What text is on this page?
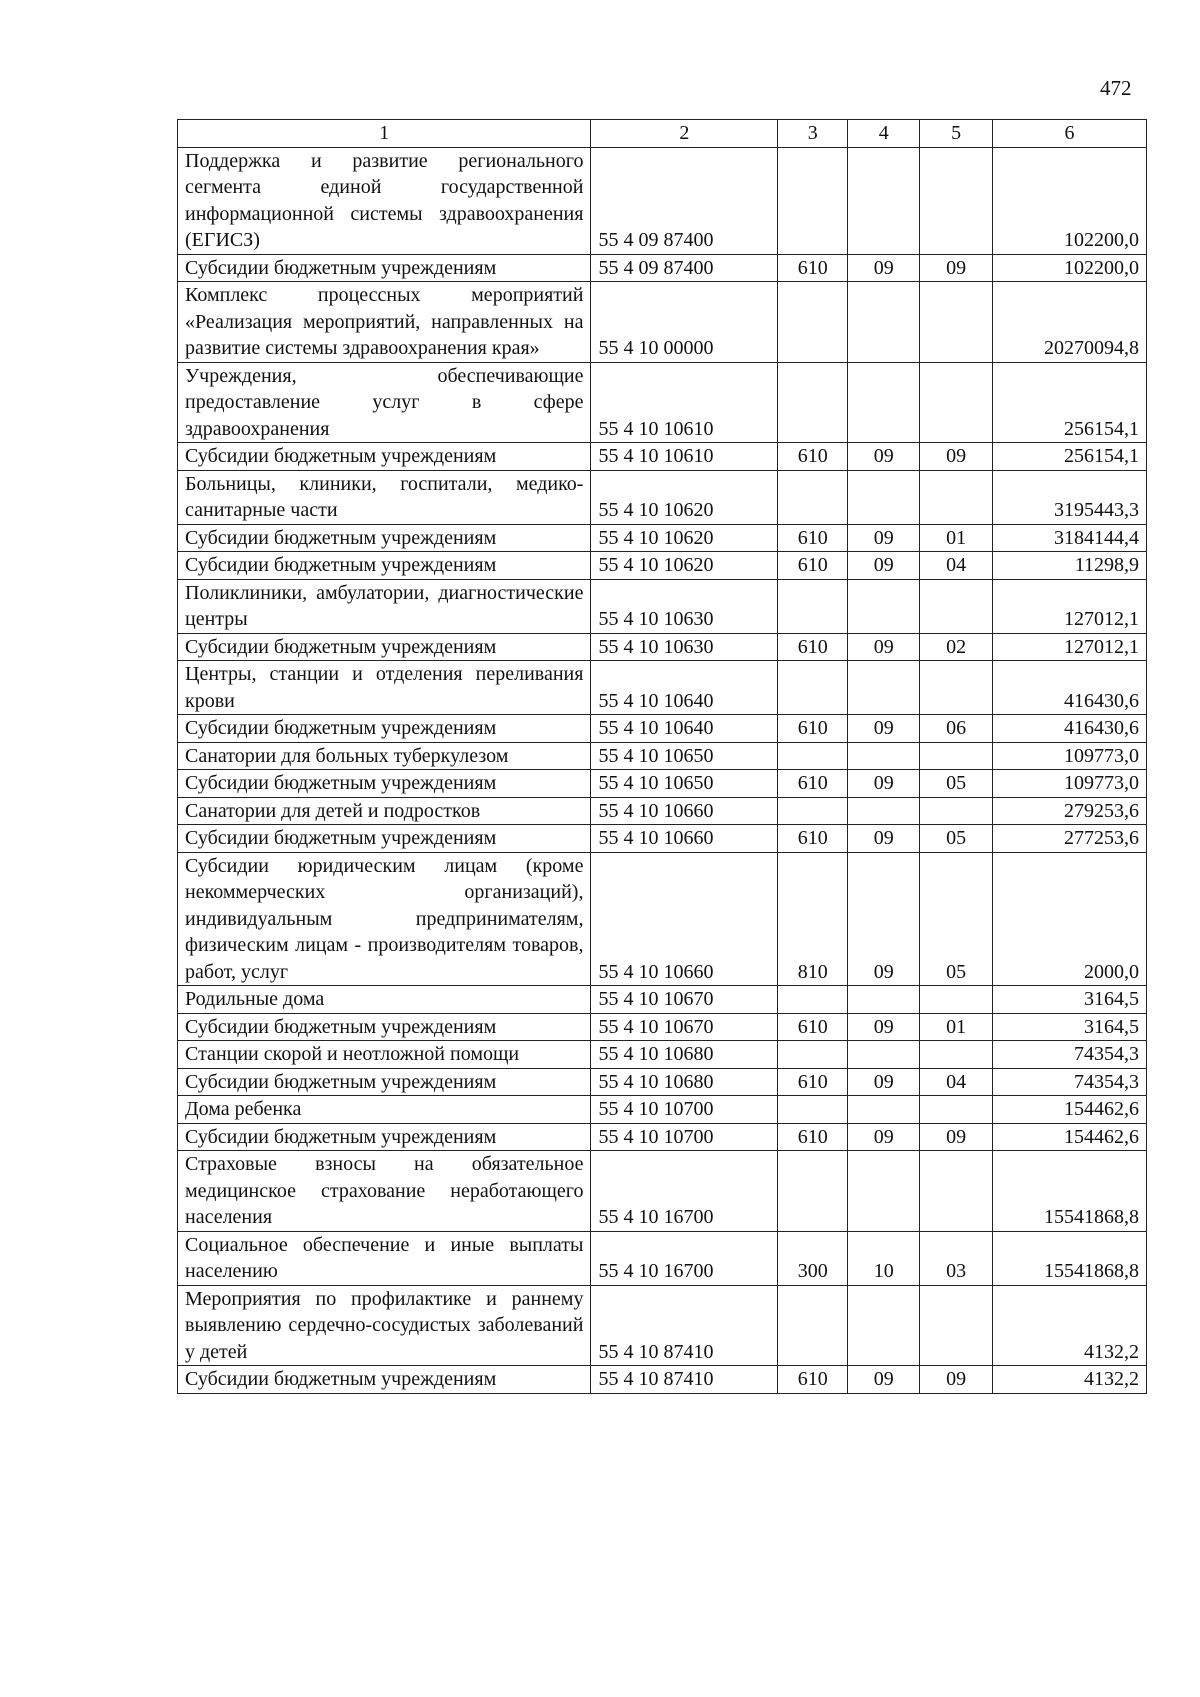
472
1	2	3	4	5	6
Поддержка и развитие регионального сегмента единой государственной информационной системы здравоохранения (ЕГИСЗ)	55 4 09 87400				102200,0
Субсидии бюджетным учреждениям	55 4 09 87400	610	09	09	102200,0
Комплекс процессных мероприятий «Реализация мероприятий, направленных на развитие системы здравоохранения края»	55 4 10 00000				20270094,8
Учреждения, обеспечивающие предоставление услуг в сфере здравоохранения	55 4 10 10610				256154,1
Субсидии бюджетным учреждениям	55 4 10 10610	610	09	09	256154,1
Больницы, клиники, госпитали, медико-санитарные части	55 4 10 10620				3195443,3
Субсидии бюджетным учреждениям	55 4 10 10620	610	09	01	3184144,4
Субсидии бюджетным учреждениям	55 4 10 10620	610	09	04	11298,9
Поликлиники, амбулатории, диагностические центры	55 4 10 10630				127012,1
Субсидии бюджетным учреждениям	55 4 10 10630	610	09	02	127012,1
Центры, станции и отделения переливания крови	55 4 10 10640				416430,6
Субсидии бюджетным учреждениям	55 4 10 10640	610	09	06	416430,6
Санатории для больных туберкулезом	55 4 10 10650				109773,0
Субсидии бюджетным учреждениям	55 4 10 10650	610	09	05	109773,0
Санатории для детей и подростков	55 4 10 10660				279253,6
Субсидии бюджетным учреждениям	55 4 10 10660	610	09	05	277253,6
Субсидии юридическим лицам (кроме некоммерческих организаций), индивидуальным предпринимателям, физическим лицам - производителям товаров, работ, услуг	55 4 10 10660	810	09	05	2000,0
Родильные дома	55 4 10 10670				3164,5
Субсидии бюджетным учреждениям	55 4 10 10670	610	09	01	3164,5
Станции скорой и неотложной помощи	55 4 10 10680				74354,3
Субсидии бюджетным учреждениям	55 4 10 10680	610	09	04	74354,3
Дома ребенка	55 4 10 10700				154462,6
Субсидии бюджетным учреждениям	55 4 10 10700	610	09	09	154462,6
Страховые взносы на обязательное медицинское страхование неработающего населения	55 4 10 16700				15541868,8
Социальное обеспечение и иные выплаты населению	55 4 10 16700	300	10	03	15541868,8
Мероприятия по профилактике и раннему выявлению сердечно-сосудистых заболеваний у детей	55 4 10 87410				4132,2
Субсидии бюджетным учреждениям	55 4 10 87410	610	09	09	4132,2
